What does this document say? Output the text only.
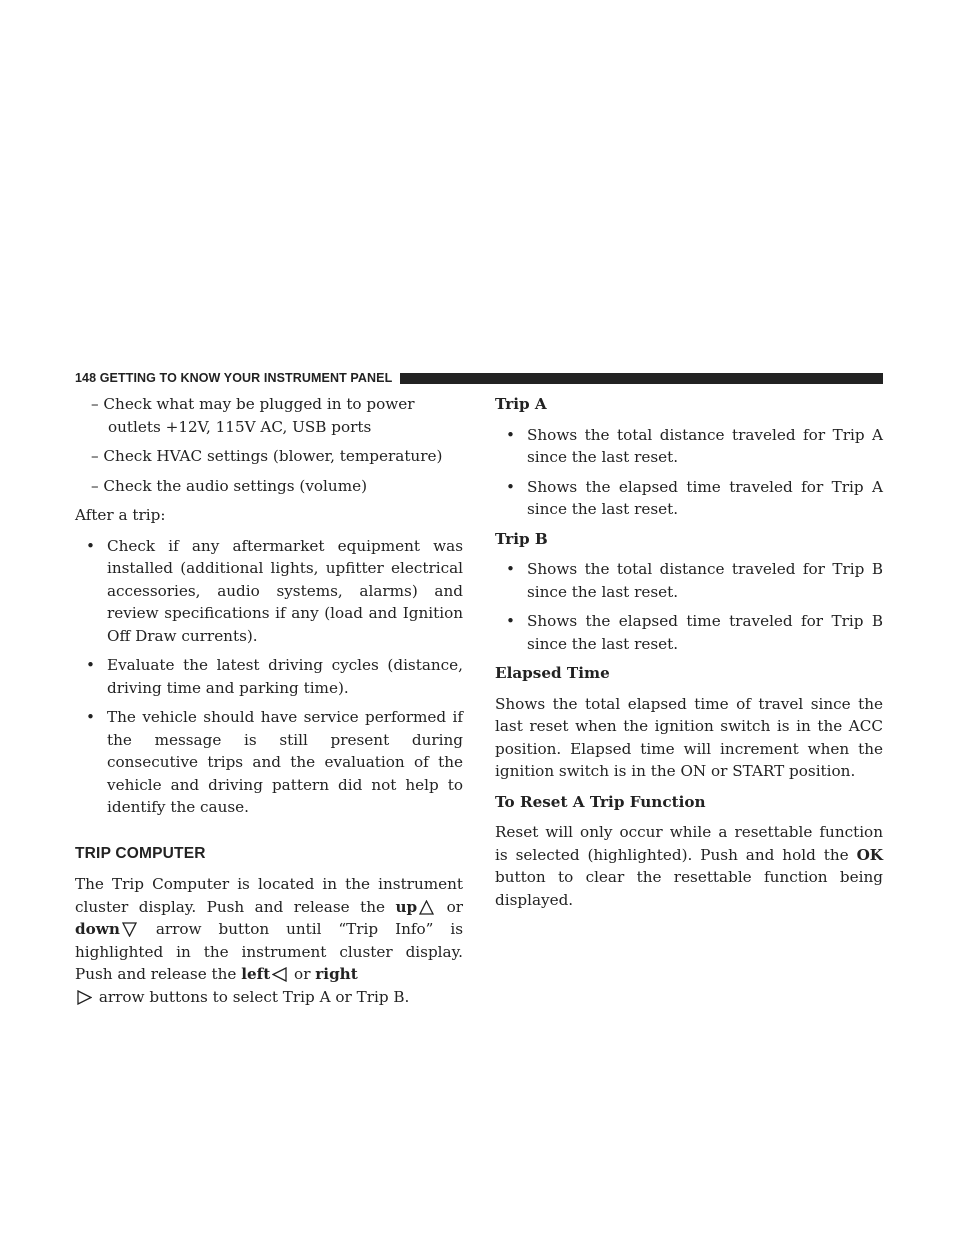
148 GETTING TO KNOW YOUR INSTRUMENT PANEL

– Check what may be plugged in to power outlets +12V, 115V AC, USB ports

– Check HVAC settings (blower, temperature)

– Check the audio settings (volume)

After a trip:

• Check if any aftermarket equipment was installed (additional lights, upfitter electrical accessories, audio systems, alarms) and review specifications if any (load and Ignition Off Draw currents).
• Evaluate the latest driving cycles (distance, driving time and parking time).
• The vehicle should have service performed if the message is still present during consecutive trips and the evaluation of the vehicle and driving pattern did not help to identify the cause.
TRIP COMPUTER

The Trip Computer is located in the instrument cluster display. Push and release the up or down arrow button until “Trip Info” is highlighted in the instrument cluster display. Push and release the left or right
arrow buttons to select Trip A or Trip B.

Trip A

• Shows the total distance traveled for Trip A since the last reset.
• Shows the elapsed time traveled for Trip A since the last reset.

Trip B

• Shows the total distance traveled for Trip B since the last reset.
• Shows the elapsed time traveled for Trip B since the last reset.

Elapsed Time

Shows the total elapsed time of travel since the last reset when the ignition switch is in the ACC position. Elapsed time will increment when the ignition switch is in the ON or START position.

To Reset A Trip Function

Reset will only occur while a resettable function is selected (highlighted). Push and hold the OK button to clear the resettable function being displayed.
